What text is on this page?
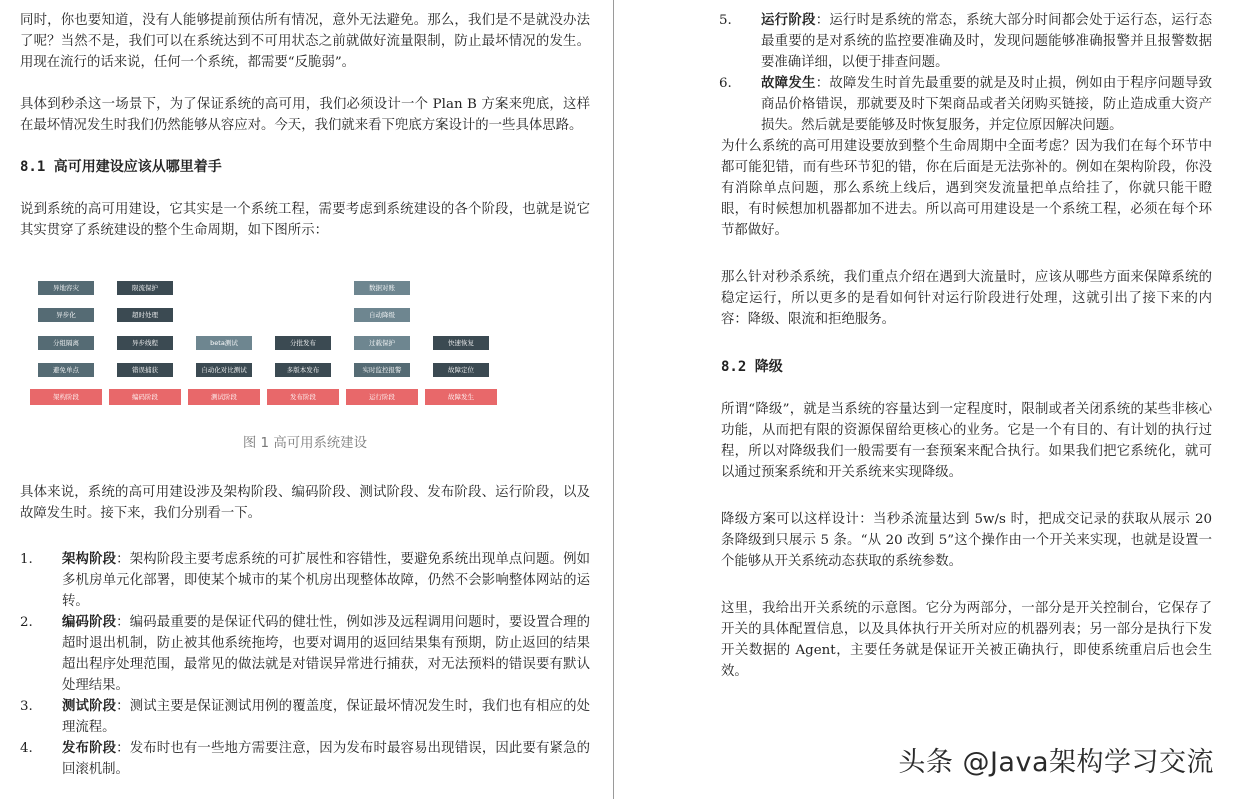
同时，你也要知道，没有人能够提前预估所有情况，意外无法避免。那么，我们是不是就没办法了呢？当然不是，我们可以在系统达到不可用状态之前就做好流量限制，防止最坏情况的发生。用现在流行的话来说，任何一个系统，都需要“反脆弱”。

具体到秒杀这一场景下，为了保证系统的高可用，我们必须设计一个 Plan B 方案来兜底，这样在最坏情况发生时我们仍然能够从容应对。今天，我们就来看下兜底方案设计的一些具体思路。

8.1 高可用建设应该从哪里着手

说到系统的高可用建设，它其实是一个系统工程，需要考虑到系统建设的各个阶段，也就是说它其实贯穿了系统建设的整个生命周期，如下图所示：

异地容灾
异步化
分组隔离
避免单点
限流保护
超时处理
异步线程
错误捕获
beta测试
自动化对比测试
分批发布
多版本发布
数据对账
自动降级
过载保护
实时监控报警
快速恢复
故障定位
架构阶段	编码阶段	测试阶段	发布阶段	运行阶段	故障发生
图 1 高可用系统建设

具体来说，系统的高可用建设涉及架构阶段、编码阶段、测试阶段、发布阶段、运行阶段，以及故障发生时。接下来，我们分别看一下。

1.	架构阶段：架构阶段主要考虑系统的可扩展性和容错性，要避免系统出现单点问题。例如多机房单元化部署，即使某个城市的某个机房出现整体故障，仍然不会影响整体网站的运转。
2.	编码阶段：编码最重要的是保证代码的健壮性，例如涉及远程调用问题时，要设置合理的超时退出机制，防止被其他系统拖垮，也要对调用的返回结果集有预期，防止返回的结果超出程序处理范围，最常见的做法就是对错误异常进行捕获，对无法预料的错误要有默认处理结果。
3.	测试阶段：测试主要是保证测试用例的覆盖度，保证最坏情况发生时，我们也有相应的处理流程。
4.	发布阶段：发布时也有一些地方需要注意，因为发布时最容易出现错误，因此要有紧急的回滚机制。
5.	运行阶段：运行时是系统的常态，系统大部分时间都会处于运行态，运行态最重要的是对系统的监控要准确及时，发现问题能够准确报警并且报警数据要准确详细，以便于排查问题。
6.	故障发生：故障发生时首先最重要的就是及时止损，例如由于程序问题导致商品价格错误，那就要及时下架商品或者关闭购买链接，防止造成重大资产损失。然后就是要能够及时恢复服务，并定位原因解决问题。

为什么系统的高可用建设要放到整个生命周期中全面考虑？因为我们在每个环节中都可能犯错，而有些环节犯的错，你在后面是无法弥补的。例如在架构阶段，你没有消除单点问题，那么系统上线后，遇到突发流量把单点给挂了，你就只能干瞪眼，有时候想加机器都加不进去。所以高可用建设是一个系统工程，必须在每个环节都做好。

那么针对秒杀系统，我们重点介绍在遇到大流量时，应该从哪些方面来保障系统的稳定运行，所以更多的是看如何针对运行阶段进行处理，这就引出了接下来的内容：降级、限流和拒绝服务。

8.2 降级

所谓“降级”，就是当系统的容量达到一定程度时，限制或者关闭系统的某些非核心功能，从而把有限的资源保留给更核心的业务。它是一个有目的、有计划的执行过程，所以对降级我们一般需要有一套预案来配合执行。如果我们把它系统化，就可以通过预案系统和开关系统来实现降级。

降级方案可以这样设计：当秒杀流量达到 5w/s 时，把成交记录的获取从展示 20 条降级到只展示 5 条。“从 20 改到 5”这个操作由一个开关来实现，也就是设置一个能够从开关系统动态获取的系统参数。

这里，我给出开关系统的示意图。它分为两部分，一部分是开关控制台，它保存了开关的具体配置信息，以及具体执行开关所对应的机器列表；另一部分是执行下发开关数据的 Agent，主要任务就是保证开关被正确执行，即使系统重启后也会生效。

头条 @Java架构学习交流
